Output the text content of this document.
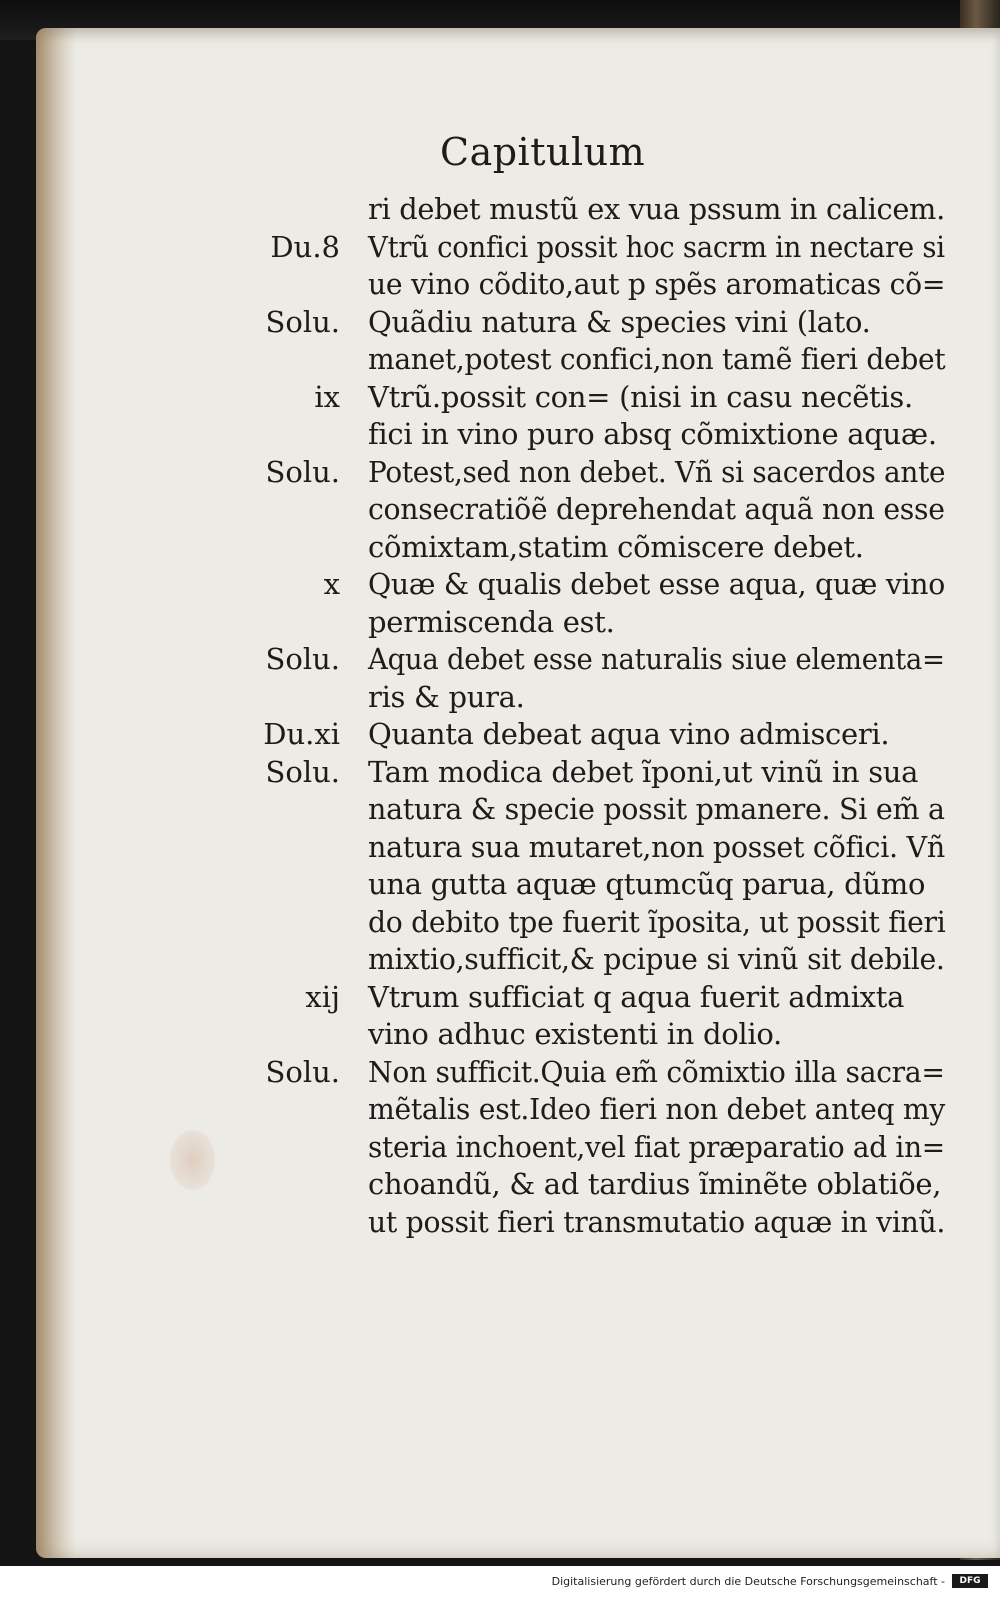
Capitulum
ri debet mustũ ex vua pssum in calicem.
Du.8 Vtrũ confici possit hoc sacrm in nectare si
ue vino cõdito,aut p spẽs aromaticas cõ=
Solu. Quãdiu natura & species vini (lato.
manet,potest confici,non tamẽ fieri debet
ix Vtrũ.possit con= (nisi in casu necẽtis.
fici in vino puro absq cõmixtione aquæ.
Solu. Potest,sed non debet. Vñ si sacerdos ante
consecratiõẽ deprehendat aquã non esse
cõmixtam,statim cõmiscere debet.
x Quæ & qualis debet esse aqua, quæ vino
permiscenda est.
Solu. Aqua debet esse naturalis siue elementa=
ris & pura.
Du.xi Quanta debeat aqua vino admisceri.
Solu. Tam modica debet ĩponi,ut vinũ in sua
natura & specie possit pmanere. Si em̃ a
natura sua mutaret,non posset cõfici. Vñ
una gutta aquæ qtumcũq parua, dũmo
do debito tpe fuerit ĩposita, ut possit fieri
mixtio,sufficit,& pcipue si vinũ sit debile.
xij Vtrum sufficiat q aqua fuerit admixta
vino adhuc existenti in dolio.
Solu. Non sufficit.Quia em̃ cõmixtio illa sacra=
mẽtalis est.Ideo fieri non debet anteq my
steria inchoent,vel fiat præparatio ad in=
choandũ, & ad tardius ĩminẽte oblatiõe,
ut possit fieri transmutatio aquæ in vinũ.
Digitalisierung gefördert durch die Deutsche Forschungsgemeinschaft -	DFG
